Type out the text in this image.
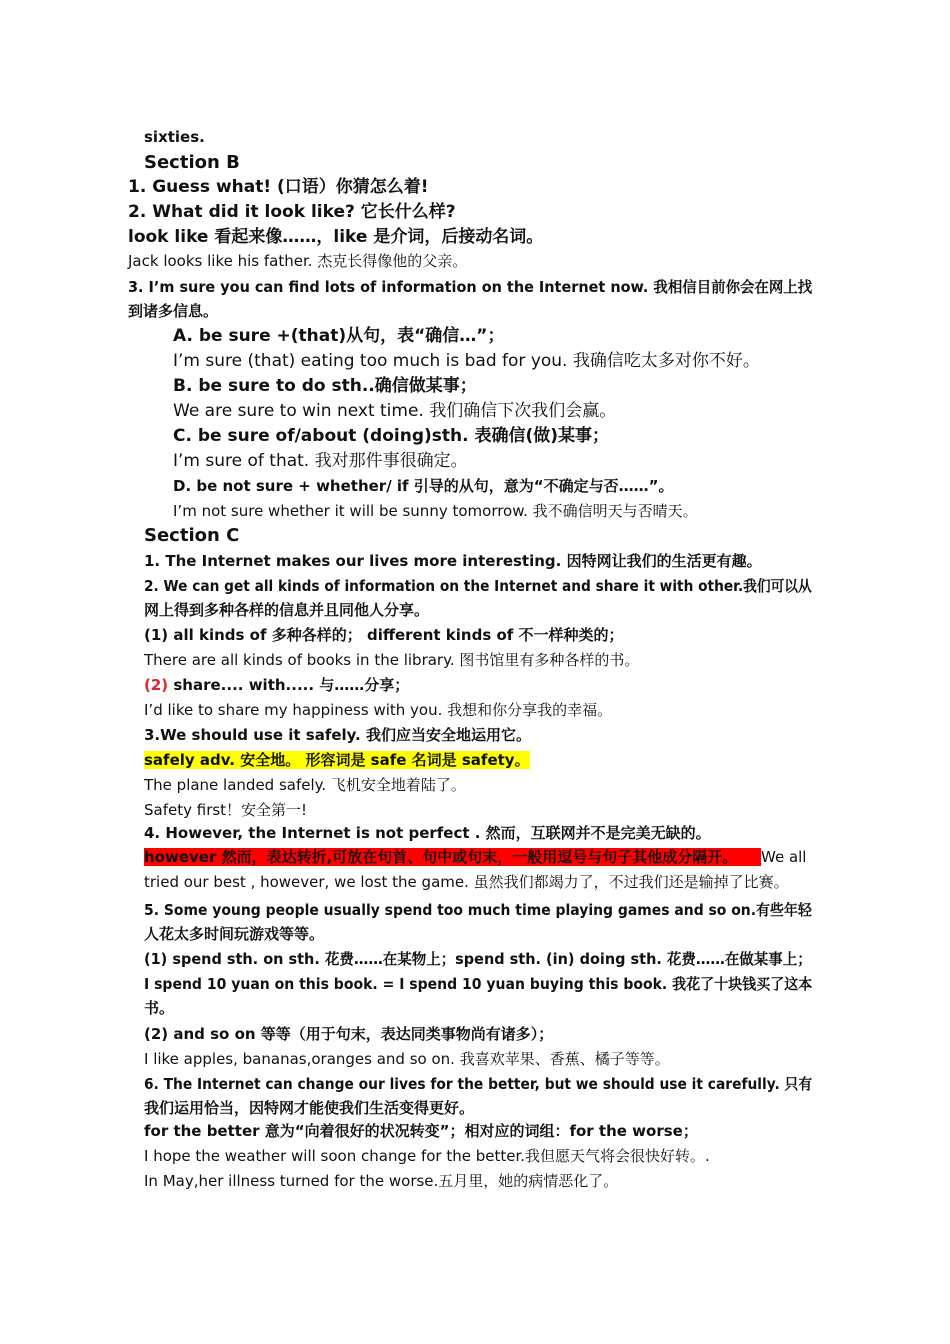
sixties.
Section B
1. Guess what! (口语）你猜怎么着!
2. What did it look like? 它长什么样?
look like 看起来像……，like 是介词，后接动名词。
Jack looks like his father. 杰克长得像他的父亲。
3. I’m sure you can find lots of information on the Internet now. 我相信目前你会在网上找
到诸多信息。
A. be sure +(that)从句，表“确信…”；
I’m sure (that) eating too much is bad for you. 我确信吃太多对你不好。
B. be sure to do sth..确信做某事；
We are sure to win next time. 我们确信下次我们会赢。
C. be sure of/about (doing)sth. 表确信(做)某事；
I’m sure of that. 我对那件事很确定。
D. be not sure + whether/ if 引导的从句，意为“不确定与否……”。
I’m not sure whether it will be sunny tomorrow. 我不确信明天与否晴天。
Section C
1. The Internet makes our lives more interesting. 因特网让我们的生活更有趣。
2. We can get all kinds of information on the Internet and share it with other.我们可以从
网上得到多种各样的信息并且同他人分享。
(1) all kinds of 多种各样的； different kinds of 不一样种类的；
There are all kinds of books in the library. 图书馆里有多种各样的书。
(2) share.... with..... 与……分享；
I’d like to share my happiness with you. 我想和你分享我的幸福。
3.We should use it safely. 我们应当安全地运用它。
safely adv. 安全地。 形容词是 safe 名词是 safety。
The plane landed safely. 飞机安全地着陆了。
Safety first！安全第一!
4. However, the Internet is not perfect . 然而，互联网并不是完美无缺的。
however 然而，表达转折,可放在句首、句中或句末，一般用逗号与句子其他成分隔开。 We all
tried our best , however, we lost the game. 虽然我们都竭力了，不过我们还是输掉了比赛。
5. Some young people usually spend too much time playing games and so on.有些年轻
人花太多时间玩游戏等等。
(1) spend sth. on sth. 花费……在某物上；spend sth. (in) doing sth. 花费……在做某事上；
I spend 10 yuan on this book. = I spend 10 yuan buying this book. 我花了十块钱买了这本
书。
(2) and so on 等等（用于句末，表达同类事物尚有诸多）；
I like apples, bananas,oranges and so on. 我喜欢苹果、香蕉、橘子等等。
6. The Internet can change our lives for the better, but we should use it carefully. 只有
我们运用恰当，因特网才能使我们生活变得更好。
for the better 意为“向着很好的状况转变”；相对应的词组：for the worse；
I hope the weather will soon change for the better.我但愿天气将会很快好转。.
In May,her illness turned for the worse.五月里，她的病情恶化了。
